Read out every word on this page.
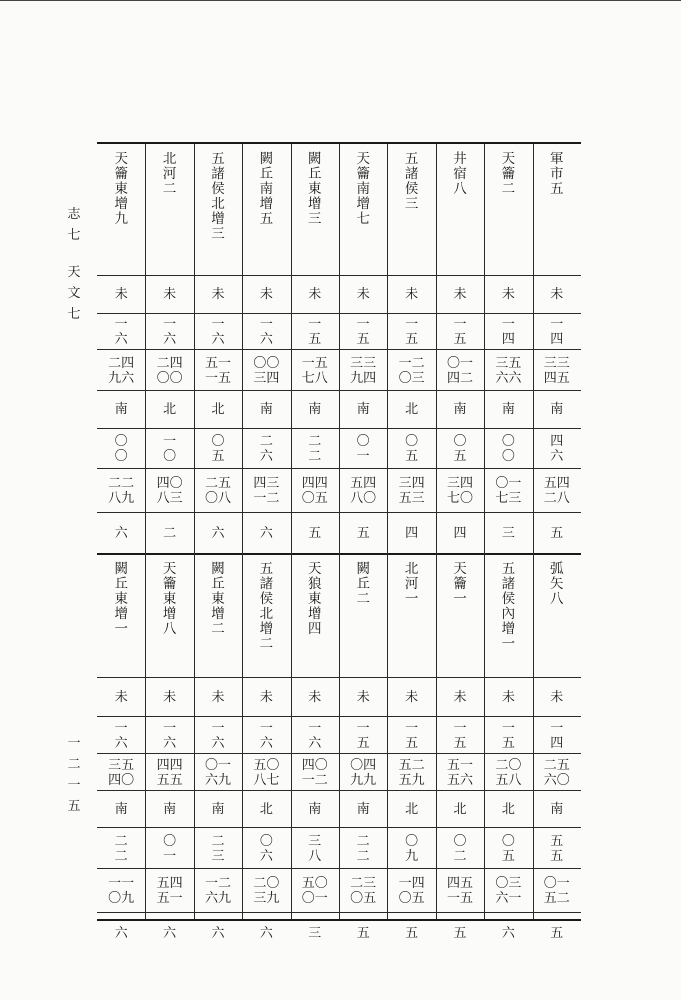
志
七
天
文
七
一
二
一
五
天籥東增九
未
一六
二四九六
南
〇〇
二二八九
六
北河二
未
一六
二四〇〇
北
一〇
四〇八三
二
五諸侯北增三
未
一六
五一一五
北
〇五
二五〇八
六
闕丘南增五
未
一六
〇〇三四
南
二六
四三一二
六
闕丘東增三
未
一五
一五七八
南
二二
四四〇五
五
天籥南增七
未
一五
三三九四
南
〇一
五四八〇
五
五諸侯三
未
一五
一二〇三
北
〇五
三四五三
四
井宿八
未
一五
〇一四二
南
〇五
三四七〇
四
天籥二
未
一四
三五六六
南
〇〇
〇一七三
三
軍市五
未
一四
三三四五
南
四六
五四二八
五
闕丘東增一
未
一六
三五四〇
南
二二
一一〇九
六
天籥東增八
未
一六
四四五五
南
〇一
五四五一
六
闕丘東增二
未
一六
〇一六九
南
二三
一二六九
六
五諸侯北增二
未
一六
五〇八七
北
〇六
二〇三九
六
天狼東增四
未
一六
四〇一二
南
三八
五〇〇一
三
闕丘二
未
一五
〇四九九
南
二二
二三〇五
五
北河一
未
一五
五二五九
北
〇九
一四〇五
五
天籥一
未
一五
五一五六
北
〇二
四五一五
五
五諸侯內增一
未
一五
二〇五八
北
〇五
〇三六一
六
弧矢八
未
一四
二五六〇
南
五五
〇一五二
五
